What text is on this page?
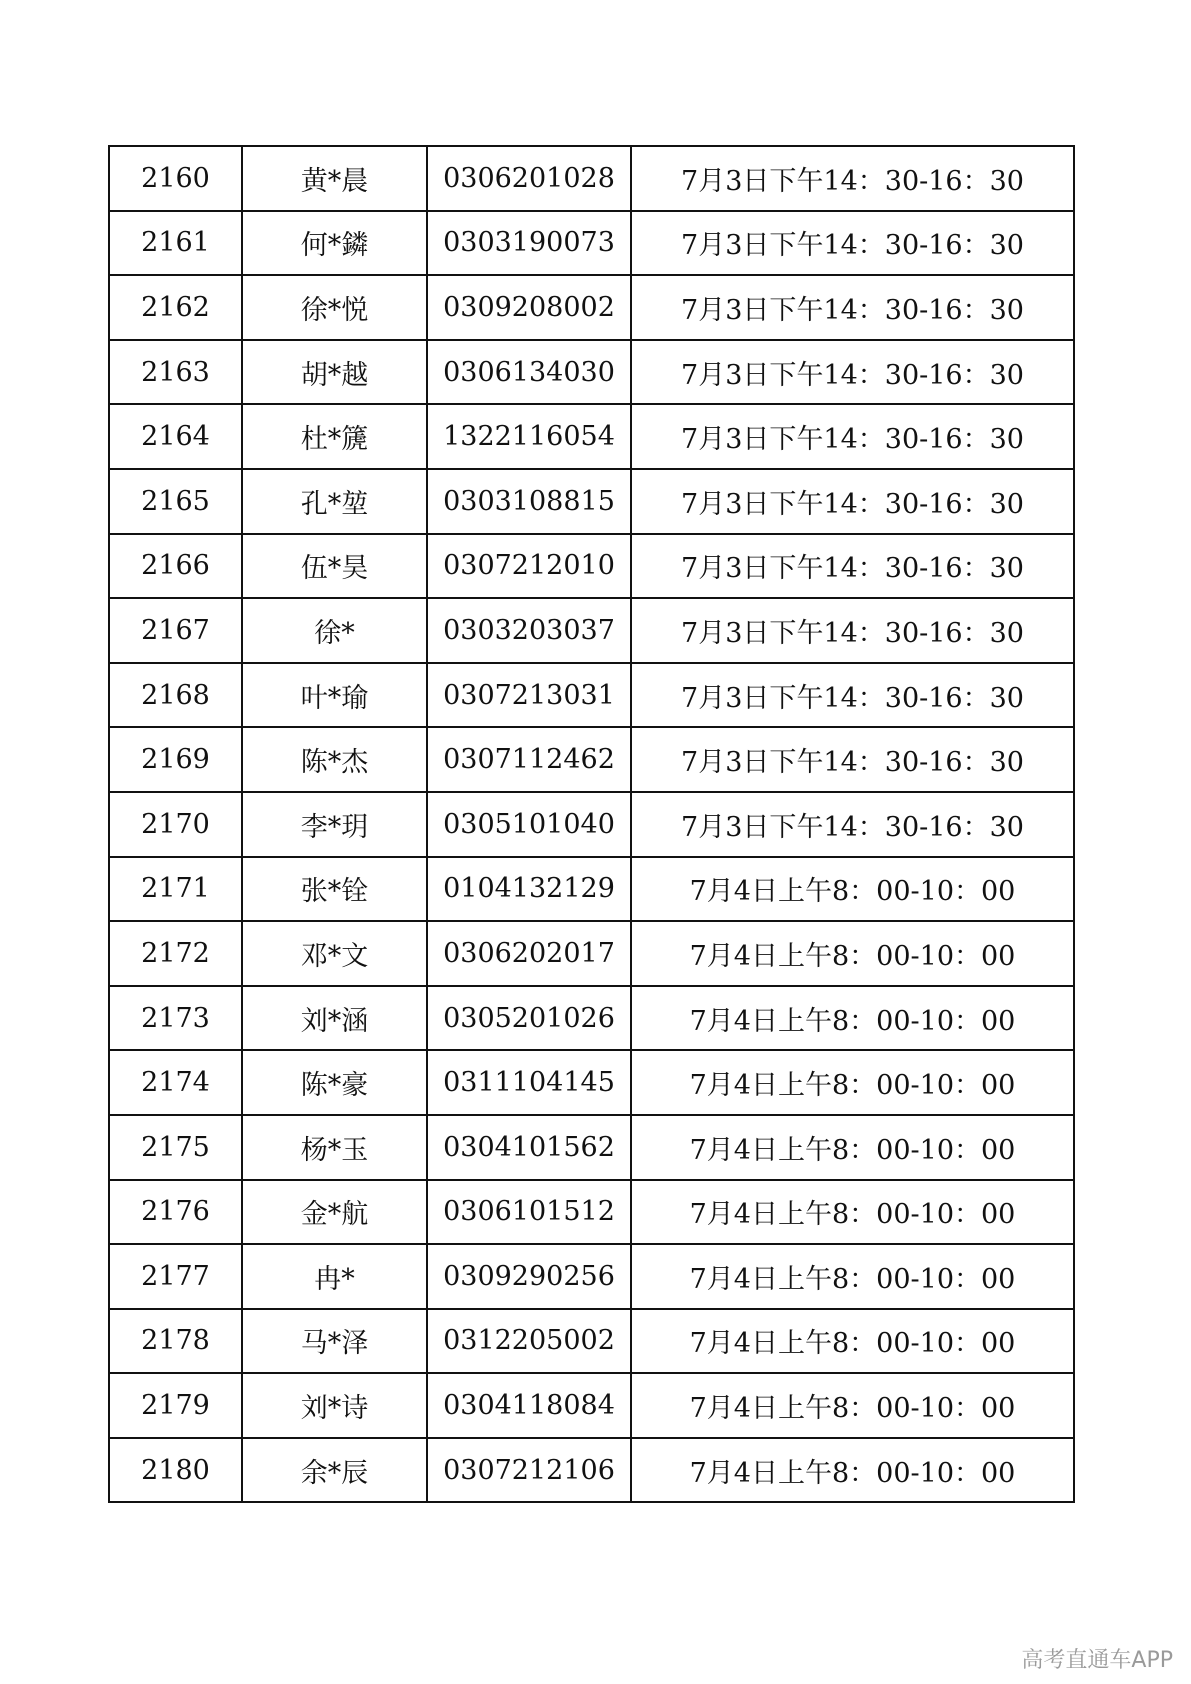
2160	黄*晨	0306201028	7月3日下午14：30-16：30
2161	何*鏻	0303190073	7月3日下午14：30-16：30
2162	徐*悦	0309208002	7月3日下午14：30-16：30
2163	胡*越	0306134030	7月3日下午14：30-16：30
2164	杜*篪	1322116054	7月3日下午14：30-16：30
2165	孔*堃	0303108815	7月3日下午14：30-16：30
2166	伍*昊	0307212010	7月3日下午14：30-16：30
2167	徐*	0303203037	7月3日下午14：30-16：30
2168	叶*瑜	0307213031	7月3日下午14：30-16：30
2169	陈*杰	0307112462	7月3日下午14：30-16：30
2170	李*玥	0305101040	7月3日下午14：30-16：30
2171	张*铨	0104132129	7月4日上午8：00-10：00
2172	邓*文	0306202017	7月4日上午8：00-10：00
2173	刘*涵	0305201026	7月4日上午8：00-10：00
2174	陈*豪	0311104145	7月4日上午8：00-10：00
2175	杨*玉	0304101562	7月4日上午8：00-10：00
2176	金*航	0306101512	7月4日上午8：00-10：00
2177	冉*	0309290256	7月4日上午8：00-10：00
2178	马*泽	0312205002	7月4日上午8：00-10：00
2179	刘*诗	0304118084	7月4日上午8：00-10：00
2180	余*辰	0307212106	7月4日上午8：00-10：00
高考直通车APP
